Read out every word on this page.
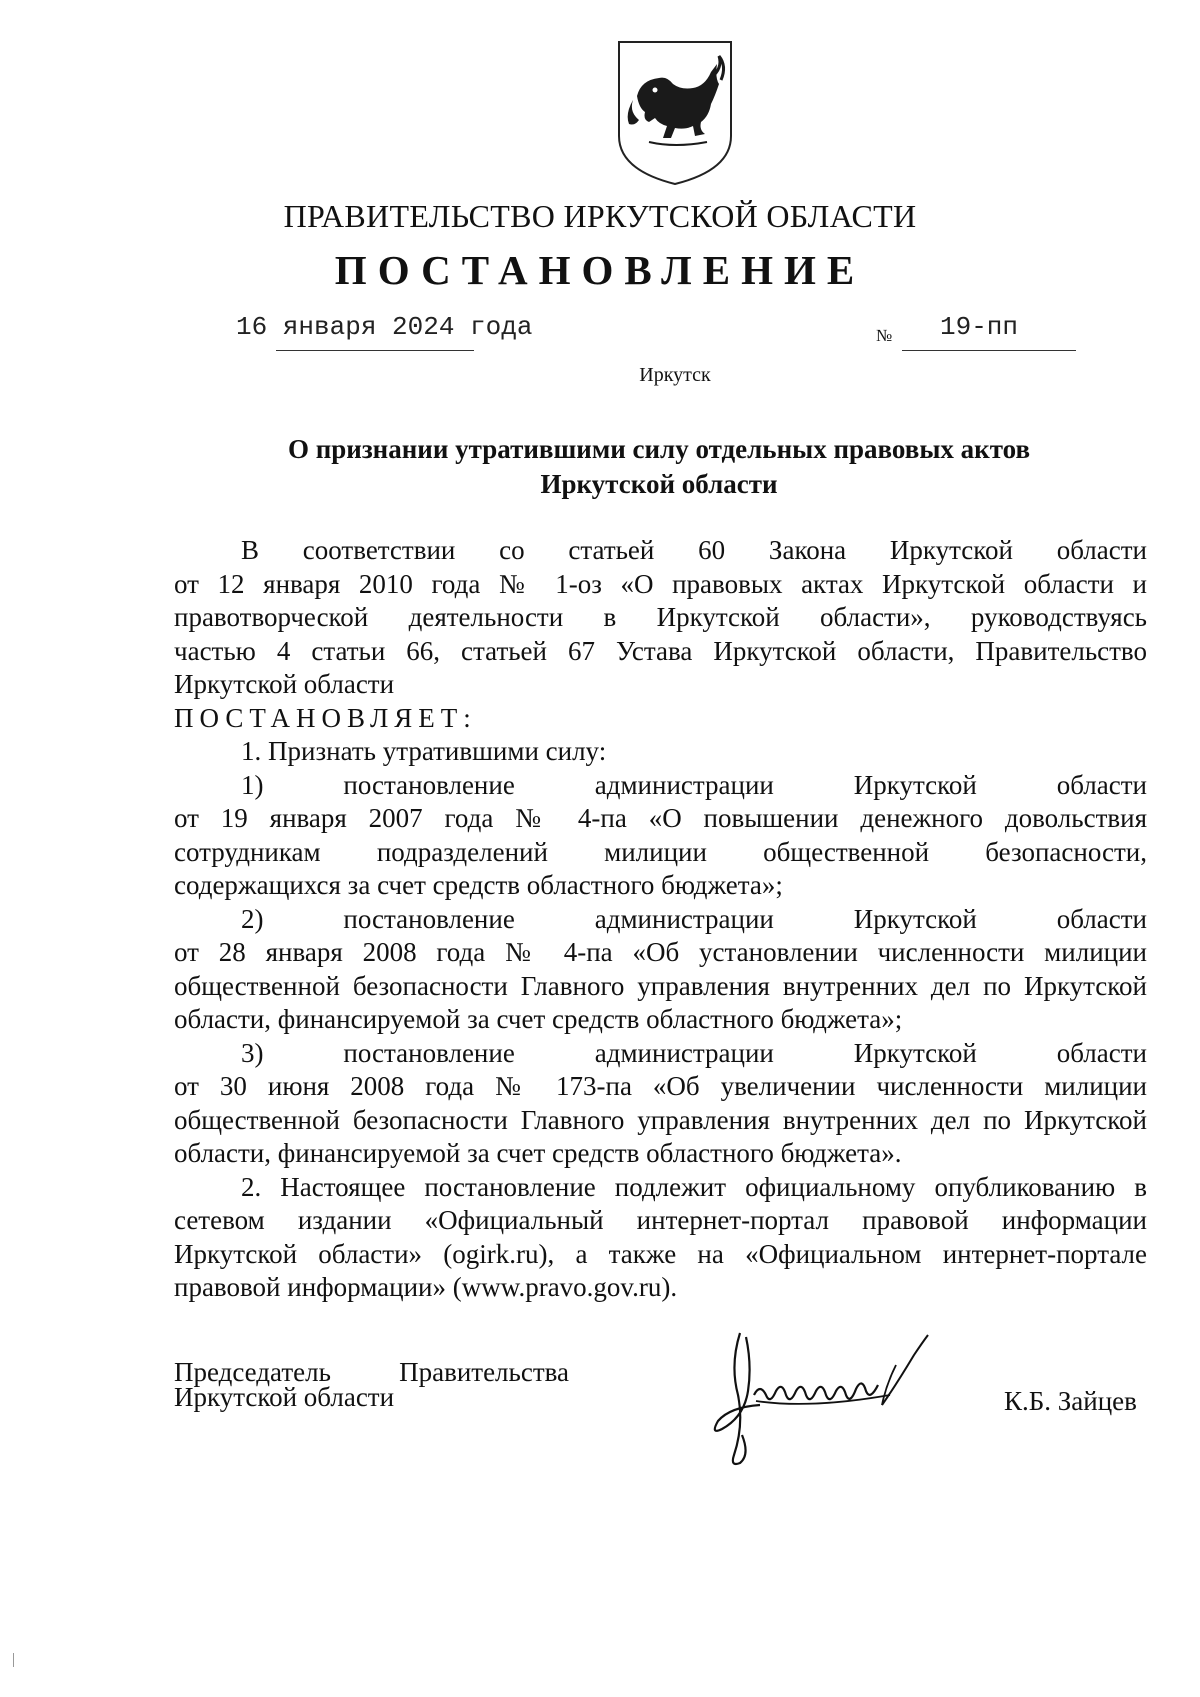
ПРАВИТЕЛЬСТВО ИРКУТСКОЙ ОБЛАСТИ
ПОСТАНОВЛЕНИЕ
16 января 2024 года	№ 19-пп
Иркутск
О признании утратившими силу отдельных правовых актов
Иркутской области
В соответствии со статьей 60 Закона Иркутской области
от 12 января 2010 года № 1-оз «О правовых актах Иркутской области и
правотворческой деятельности в Иркутской области», руководствуясь
частью 4 статьи 66, статьей 67 Устава Иркутской области, Правительство
Иркутской области
ПОСТАНОВЛЯЕТ:
1. Признать утратившими силу:
1) постановление администрации Иркутской области
от 19 января 2007 года № 4-па «О повышении денежного довольствия
сотрудникам подразделений милиции общественной безопасности,
содержащихся за счет средств областного бюджета»;
2) постановление администрации Иркутской области
от 28 января 2008 года № 4-па «Об установлении численности милиции
общественной безопасности Главного управления внутренних дел по Иркутской
области, финансируемой за счет средств областного бюджета»;
3) постановление администрации Иркутской области
от 30 июня 2008 года № 173-па «Об увеличении численности милиции
общественной безопасности Главного управления внутренних дел по Иркутской
области, финансируемой за счет средств областного бюджета».
2. Настоящее постановление подлежит официальному опубликованию в
сетевом издании «Официальный интернет-портал правовой информации
Иркутской области» (ogirk.ru), а также на «Официальном интернет-портале
правовой информации» (www.pravo.gov.ru).
Председатель Правительства
Иркутской области	К.Б. Зайцев
